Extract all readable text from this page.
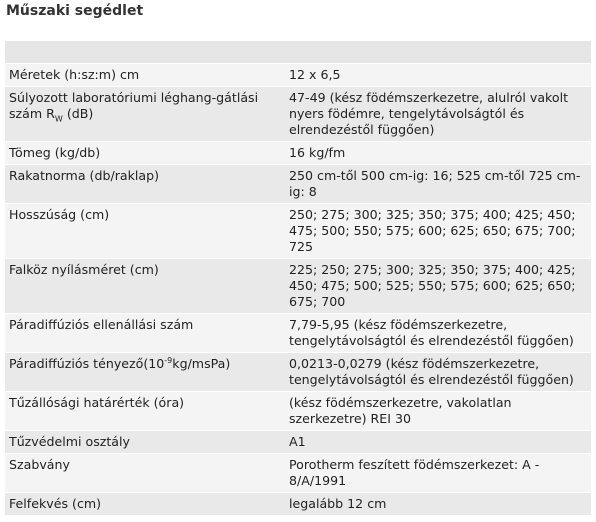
Műszaki segédlet

Méretek (h:sz:m) cm	12 x 6,5
Súlyozott laboratóriumi léghang-gátlási szám $R_W$ (dB)	47-49 (kész födémszerkezetre, alulról vakolt nyers födémre, tengelytávolságtól és elrendezéstől függően)
Tömeg (kg/db)	16 kg/fm
Rakatnorma (db/raklap)	250 cm-től 500 cm-ig: 16; 525 cm-től 725 cm-ig: 8
Hosszúság (cm)	250; 275; 300; 325; 350; 375; 400; 425; 450; 475; 500; 550; 575; 600; 625; 650; 675; 700; 725
Falköz nyílásméret (cm)	225; 250; 275; 300; 325; 350; 375; 400; 425; 450; 475; 500; 525; 550; 575; 600; 625; 650; 675; 700
Páradiffúziós ellenállási szám	7,79-5,95 (kész födémszerkezetre, tengelytávolságtól és elrendezéstől függően)
Páradiffúziós $tényező(10^{-9}kg/msPa)$	0,0213-0,0279 (kész födémszerkezetre, tengelytávolságtól és elrendezéstől függően)
Tűzállósági határérték (óra)	(kész födémszerkezetre, vakolatlan szerkezetre) REI 30
Tűzvédelmi osztály	A1
Szabvány	Porotherm feszített födémszerkezet: A - 8/A/1991
Felfekvés (cm)	legalább 12 cm
